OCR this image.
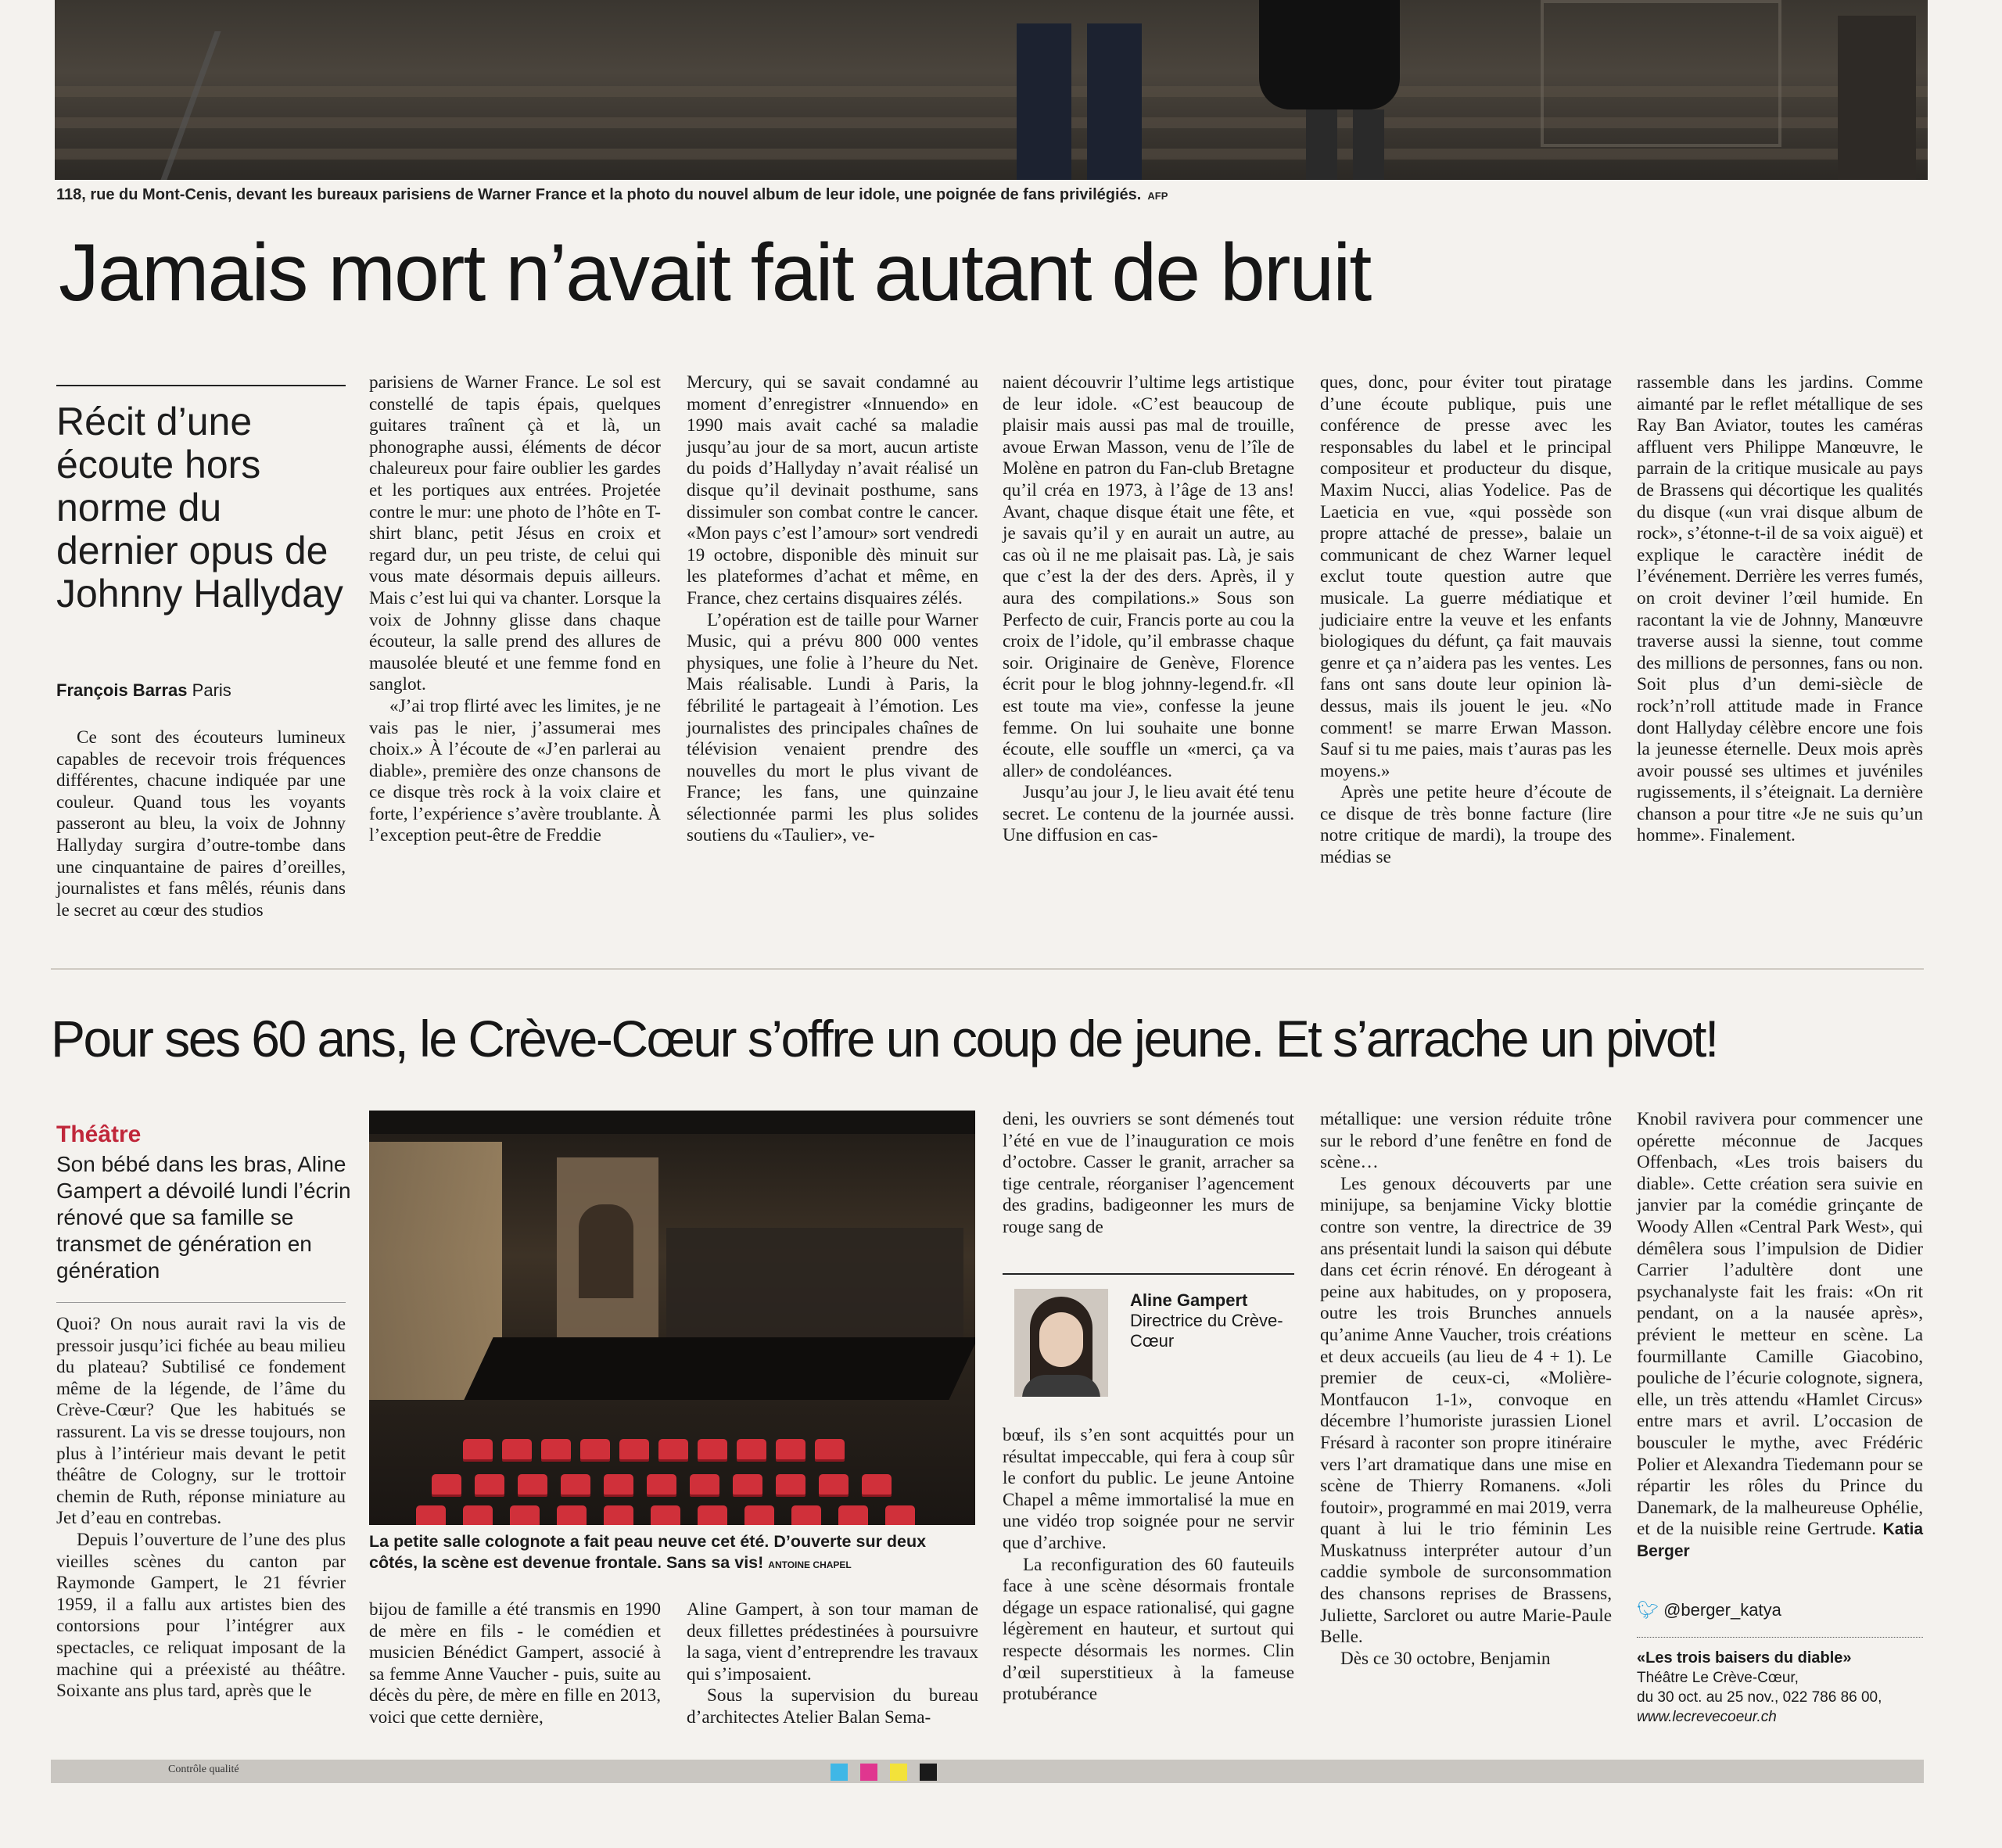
118, rue du Mont-Cenis, devant les bureaux parisiens de Warner France et la photo du nouvel album de leur idole, une poignée de fans privilégiés. AFP
Jamais mort n’avait fait autant de bruit
Récit d’une écoute hors norme du dernier opus de Johnny Hallyday
François Barras Paris

Ce sont des écouteurs lumineux capables de recevoir trois fréquences différentes, chacune indiquée par une couleur. Quand tous les voyants passeront au bleu, la voix de Johnny Hallyday surgira d’outre-tombe dans une cinquantaine de paires d’oreilles, journalistes et fans mêlés, réunis dans le secret au cœur des studios

parisiens de Warner France. Le sol est constellé de tapis épais, quelques guitares traînent çà et là, un phonographe aussi, éléments de décor chaleureux pour faire oublier les gardes et les portiques aux entrées. Projetée contre le mur: une photo de l’hôte en T-shirt blanc, petit Jésus en croix et regard dur, un peu triste, de celui qui vous mate désormais depuis ailleurs. Mais c’est lui qui va chanter. Lorsque la voix de Johnny glisse dans chaque écouteur, la salle prend des allures de mausolée bleuté et une femme fond en sanglot.

«J’ai trop flirté avec les limites, je ne vais pas le nier, j’assumerai mes choix.» À l’écoute de «J’en parlerai au diable», première des onze chansons de ce disque très rock à la voix claire et forte, l’expérience s’avère troublante. À l’exception peut-être de Freddie

Mercury, qui se savait condamné au moment d’enregistrer «Innuendo» en 1990 mais avait caché sa maladie jusqu’au jour de sa mort, aucun artiste du poids d’Hallyday n’avait réalisé un disque qu’il devinait posthume, sans dissimuler son combat contre le cancer. «Mon pays c’est l’amour» sort vendredi 19 octobre, disponible dès minuit sur les plateformes d’achat et même, en France, chez certains disquaires zélés.

L’opération est de taille pour Warner Music, qui a prévu 800 000 ventes physiques, une folie à l’heure du Net. Mais réalisable. Lundi à Paris, la fébrilité le partageait à l’émotion. Les journalistes des principales chaînes de télévision venaient prendre des nouvelles du mort le plus vivant de France; les fans, une quinzaine sélectionnée parmi les plus solides soutiens du «Taulier», ve-

naient découvrir l’ultime legs artistique de leur idole. «C’est beaucoup de plaisir mais aussi pas mal de trouille, avoue Erwan Masson, venu de l’île de Molène en patron du Fan-club Bretagne qu’il créa en 1973, à l’âge de 13 ans! Avant, chaque disque était une fête, et je savais qu’il y en aurait un autre, au cas où il ne me plaisait pas. Là, je sais que c’est la der des ders. Après, il y aura des compilations.» Sous son Perfecto de cuir, Francis porte au cou la croix de l’idole, qu’il embrasse chaque soir. Originaire de Genève, Florence écrit pour le blog johnny-legend.fr. «Il est toute ma vie», confesse la jeune femme. On lui souhaite une bonne écoute, elle souffle un «merci, ça va aller» de condoléances.

Jusqu’au jour J, le lieu avait été tenu secret. Le contenu de la journée aussi. Une diffusion en cas-

ques, donc, pour éviter tout piratage d’une écoute publique, puis une conférence de presse avec les responsables du label et le principal compositeur et producteur du disque, Maxim Nucci, alias Yodelice. Pas de Laeticia en vue, «qui possède son propre attaché de presse», balaie un communicant de chez Warner lequel exclut toute question autre que musicale. La guerre médiatique et judiciaire entre la veuve et les enfants biologiques du défunt, ça fait mauvais genre et ça n’aidera pas les ventes. Les fans ont sans doute leur opinion là-dessus, mais ils jouent le jeu. «No comment! se marre Erwan Masson. Sauf si tu me paies, mais t’auras pas les moyens.»

Après une petite heure d’écoute de ce disque de très bonne facture (lire notre critique de mardi), la troupe des médias se

rassemble dans les jardins. Comme aimanté par le reflet métallique de ses Ray Ban Aviator, toutes les caméras affluent vers Philippe Manœuvre, le parrain de la critique musicale au pays de Brassens qui décortique les qualités du disque («un vrai disque album de rock», s’étonne-t-il de sa voix aiguë) et explique le caractère inédit de l’événement. Derrière les verres fumés, on croit deviner l’œil humide. En racontant la vie de Johnny, Manœuvre traverse aussi la sienne, tout comme des millions de personnes, fans ou non. Soit plus d’un demi-siècle de rock’n’roll attitude made in France dont Hallyday célèbre encore une fois la jeunesse éternelle. Deux mois après avoir poussé ses ultimes et juvéniles rugissements, il s’éteignait. La dernière chanson a pour titre «Je ne suis qu’un homme». Finalement.

Pour ses 60 ans, le Crève-Cœur s’offre un coup de jeune. Et s’arrache un pivot!
Théâtre
Son bébé dans les bras, Aline Gampert a dévoilé lundi l’écrin rénové que sa famille se transmet de génération en génération

Quoi? On nous aurait ravi la vis de pressoir jusqu’ici fichée au beau milieu du plateau? Subtilisé ce fondement même de la légende, de l’âme du Crève-Cœur? Que les habitués se rassurent. La vis se dresse toujours, non plus à l’intérieur mais devant le petit théâtre de Cologny, sur le trottoir chemin de Ruth, réponse miniature au Jet d’eau en contrebas.

Depuis l’ouverture de l’une des plus vieilles scènes du canton par Raymonde Gampert, le 21 février 1959, il a fallu aux artistes bien des contorsions pour l’intégrer aux spectacles, ce reliquat imposant de la machine qui a préexisté au théâtre. Soixante ans plus tard, après que le

La petite salle colognote a fait peau neuve cet été. D’ouverte sur deux côtés, la scène est devenue frontale. Sans sa vis! ANTOINE CHAPEL

bijou de famille a été transmis en 1990 de mère en fils - le comédien et musicien Bénédict Gampert, associé à sa femme Anne Vaucher - puis, suite au décès du père, de mère en fille en 2013, voici que cette dernière,

Aline Gampert, à son tour maman de deux fillettes prédestinées à poursuivre la saga, vient d’entreprendre les travaux qui s’imposaient.

Sous la supervision du bureau d’architectes Atelier Balan Sema-

deni, les ouvriers se sont démenés tout l’été en vue de l’inauguration ce mois d’octobre. Casser le granit, arracher sa tige centrale, réorganiser l’agencement des gradins, badigeonner les murs de rouge sang de

Aline Gampert
Directrice du Crève-Cœur

bœuf, ils s’en sont acquittés pour un résultat impeccable, qui fera à coup sûr le confort du public. Le jeune Antoine Chapel a même immortalisé la mue en une vidéo trop soignée pour ne servir que d’archive.

La reconfiguration des 60 fauteuils face à une scène désormais frontale dégage un espace rationalisé, qui gagne légèrement en hauteur, et surtout qui respecte désormais les normes. Clin d’œil superstitieux à la fameuse protubérance

métallique: une version réduite trône sur le rebord d’une fenêtre en fond de scène…

Les genoux découverts par une minijupe, sa benjamine Vicky blottie contre son ventre, la directrice de 39 ans présentait lundi la saison qui débute dans cet écrin rénové. En dérogeant à peine aux habitudes, on y proposera, outre les trois Brunches annuels qu’anime Anne Vaucher, trois créations et deux accueils (au lieu de 4 + 1). Le premier de ceux-ci, «Molière-Montfaucon 1-1», convoque en décembre l’humoriste jurassien Lionel Frésard à raconter son propre itinéraire vers l’art dramatique dans une mise en scène de Thierry Romanens. «Joli foutoir», programmé en mai 2019, verra quant à lui le trio féminin Les Muskatnuss interpréter autour d’un caddie symbole de surconsommation des chansons reprises de Brassens, Juliette, Sarcloret ou autre Marie-Paule Belle.

Dès ce 30 octobre, Benjamin

Knobil ravivera pour commencer une opérette méconnue de Jacques Offenbach, «Les trois baisers du diable». Cette création sera suivie en janvier par la comédie grinçante de Woody Allen «Central Park West», qui démêlera sous l’impulsion de Didier Carrier l’adultère dont une psychanalyste fait les frais: «On rit pendant, on a la nausée après», prévient le metteur en scène. La fourmillante Camille Giacobino, pouliche de l’écurie colognote, signera, elle, un très attendu «Hamlet Circus» entre mars et avril. L’occasion de bousculer le mythe, avec Frédéric Polier et Alexandra Tiedemann pour se répartir les rôles du Prince du Danemark, de la malheureuse Ophélie, et de la nuisible reine Gertrude. Katia Berger

🐦︎ @berger_katya
«Les trois baisers du diable»
Théâtre Le Crève-Cœur,
du 30 oct. au 25 nov., 022 786 86 00,
www.lecrevecoeur.ch
Contrôle qualité
